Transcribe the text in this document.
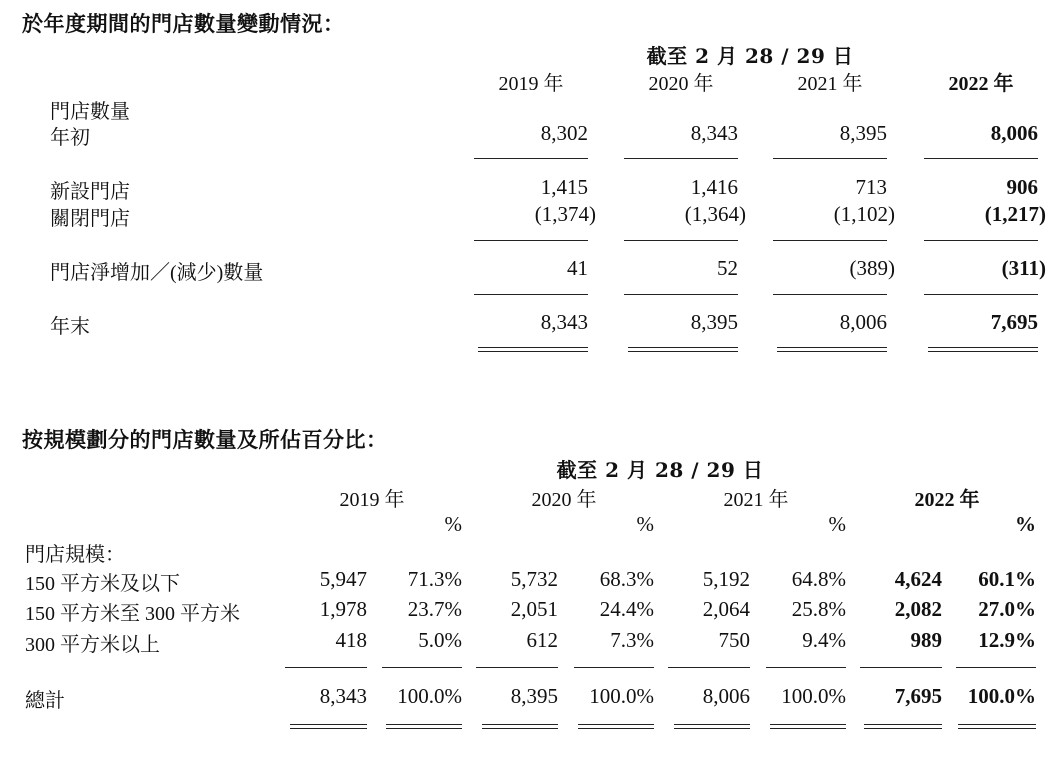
於年度期間的門店數量變動情況：
截至 2 月 28 / 29 日
2019 年	2020 年	2021 年	2022 年
門店數量
年初	8,302	8,343	8,395	8,006
新設門店	1,415	1,416	713	906
關閉門店	(1,374)	(1,364)	(1,102)	(1,217)
門店淨增加／(減少)數量	41	52	(389)	(311)
年末	8,343	8,395	8,006	7,695
按規模劃分的門店數量及所佔百分比：
截至 2 月 28 / 29 日
2019 年	2020 年	2021 年	2022 年
%	%	%	%
門店規模：
150 平方米及以下	5,947	71.3%	5,732	68.3%	5,192	64.8%	4,624	60.1%
150 平方米至 300 平方米	1,978	23.7%	2,051	24.4%	2,064	25.8%	2,082	27.0%
300 平方米以上	418	5.0%	612	7.3%	750	9.4%	989	12.9%
總計	8,343	100.0%	8,395	100.0%	8,006	100.0%	7,695	100.0%
